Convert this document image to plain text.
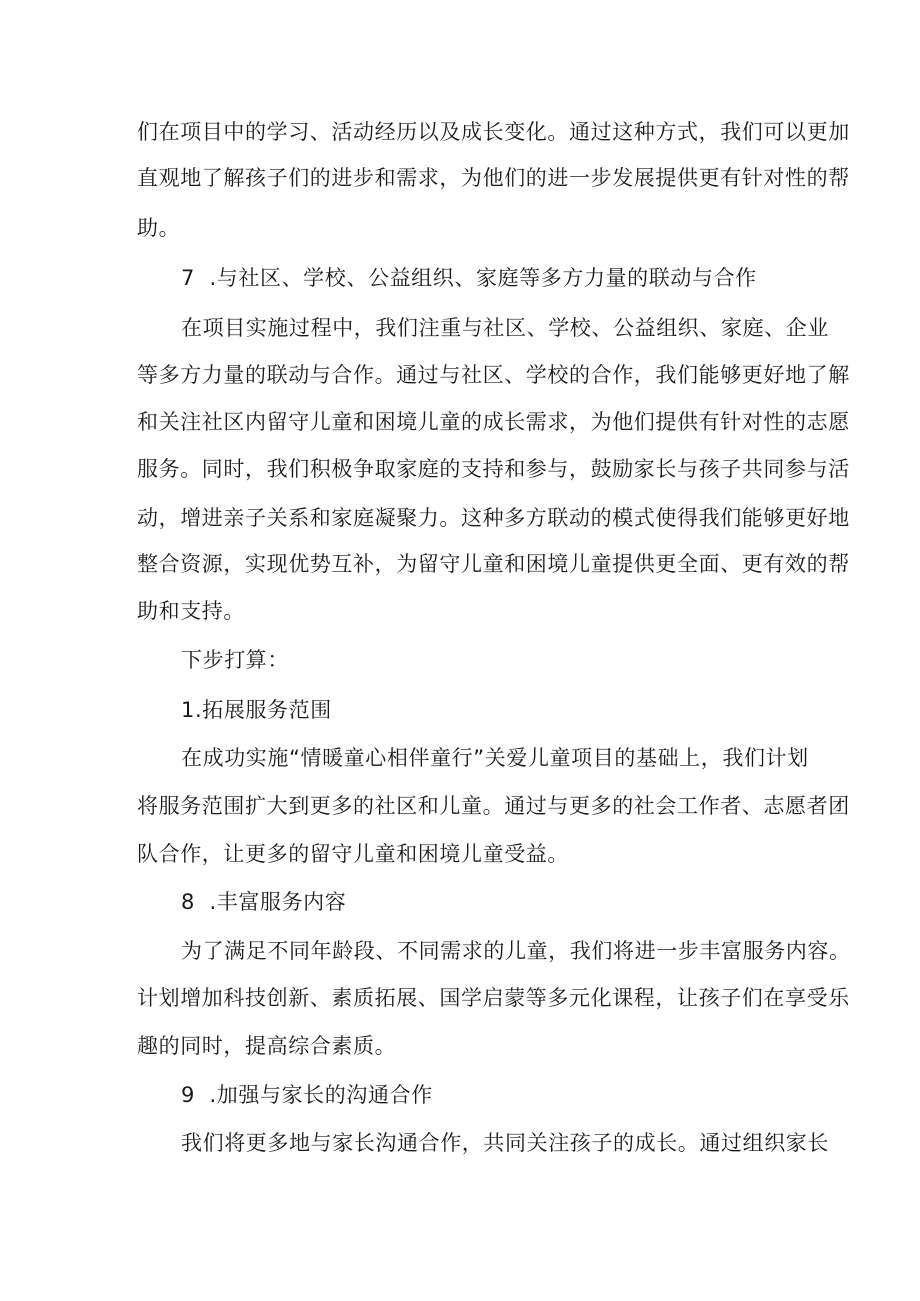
们在项目中的学习、活动经历以及成长变化。通过这种方式，我们可以更加
直观地了解孩子们的进步和需求，为他们的进一步发展提供更有针对性的帮
助。
7  .与社区、学校、公益组织、家庭等多方力量的联动与合作
在项目实施过程中，我们注重与社区、学校、公益组织、家庭、企业
等多方力量的联动与合作。通过与社区、学校的合作，我们能够更好地了解
和关注社区内留守儿童和困境儿童的成长需求，为他们提供有针对性的志愿
服务。同时，我们积极争取家庭的支持和参与，鼓励家长与孩子共同参与活
动，增进亲子关系和家庭凝聚力。这种多方联动的模式使得我们能够更好地
整合资源，实现优势互补，为留守儿童和困境儿童提供更全面、更有效的帮
助和支持。
下步打算：
1.拓展服务范围
在成功实施“情暖童心相伴童行”关爱儿童项目的基础上，我们计划
将服务范围扩大到更多的社区和儿童。通过与更多的社会工作者、志愿者团
队合作，让更多的留守儿童和困境儿童受益。
8  .丰富服务内容
为了满足不同年龄段、不同需求的儿童，我们将进一步丰富服务内容。
计划增加科技创新、素质拓展、国学启蒙等多元化课程，让孩子们在享受乐
趣的同时，提高综合素质。
9  .加强与家长的沟通合作
我们将更多地与家长沟通合作，共同关注孩子的成长。通过组织家长
